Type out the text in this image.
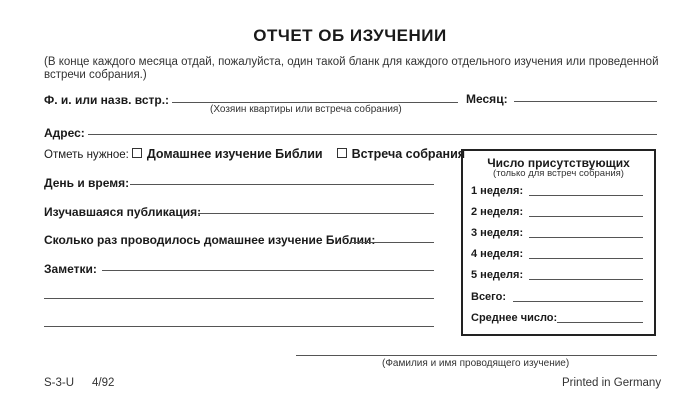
ОТЧЕТ ОБ ИЗУЧЕНИИ
(В конце каждого месяца отдай, пожалуйста, один такой бланк для каждого отдельного изучения или проведенной
встречи собрания.)
Ф. и. или назв. встр.:
(Хозяин квартиры или встреча собрания)
Месяц:
Адрес:
Отметь нужное: Домашнее изучение Библии Встреча собрания
День и время:
Изучавшаяся публикация:
Сколько раз проводилось домашнее изучение Библии:
Заметки:
Число присутствующих
(только для встреч собрания)
1 неделя:
2 неделя:
3 неделя:
4 неделя:
5 неделя:
Всего:
Среднее число:
(Фамилия и имя проводящего изучение)
S-3-U 4/92	Printed in Germany
